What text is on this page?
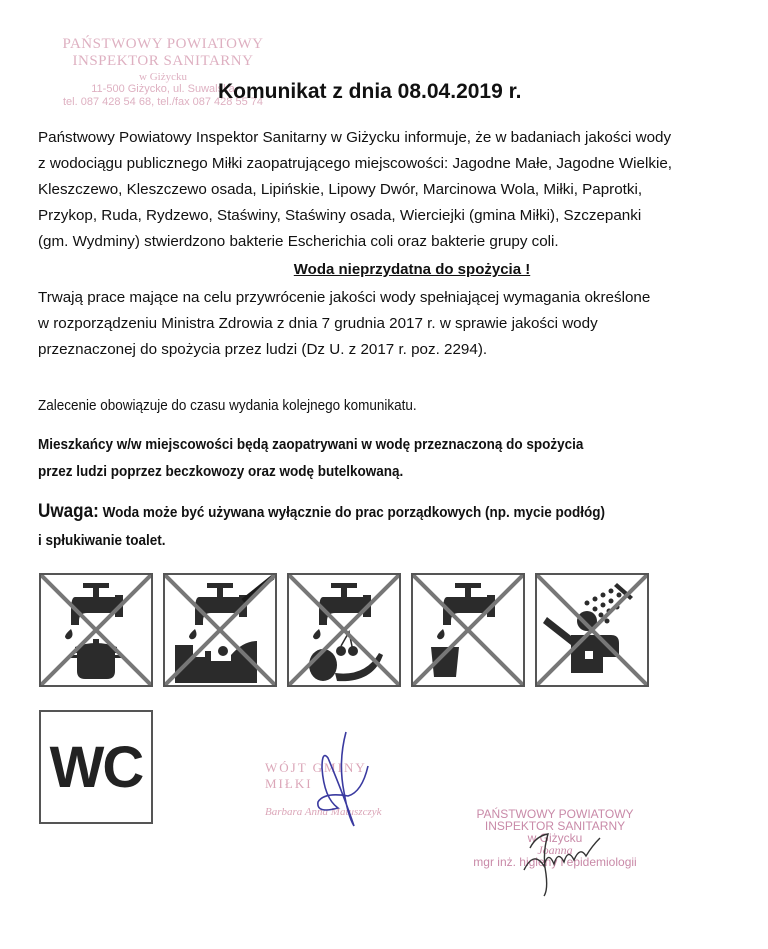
PAŃSTWOWY POWIATOWY
INSPEKTOR SANITARNY
w Giżycku
11-500 Giżycko, ul. Suwalska
tel. 087 428 54 68, tel./fax 087 428 55 74
Komunikat z dnia 08.04.2019 r.
Państwowy Powiatowy Inspektor Sanitarny w Giżycku informuje, że w badaniach jakości wody
z wodociągu publicznego Miłki zaopatrującego miejscowości: Jagodne Małe, Jagodne Wielkie,
Kleszczewo, Kleszczewo osada, Lipińskie, Lipowy Dwór, Marcinowa Wola, Miłki, Paprotki,
Przykop, Ruda, Rydzewo, Staświny, Staświny osada, Wierciejki (gmina Miłki), Szczepanki
(gm. Wydminy) stwierdzono bakterie Escherichia coli oraz bakterie grupy coli.
Woda nieprzydatna do spożycia !
Trwają prace mające na celu przywrócenie jakości wody spełniającej wymagania określone
w rozporządzeniu Ministra Zdrowia z dnia 7 grudnia 2017 r. w sprawie jakości wody
przeznaczonej do spożycia przez ludzi (Dz U. z 2017 r. poz. 2294).
Zalecenie obowiązuje do czasu wydania kolejnego komunikatu.
Mieszkańcy w/w miejscowości będą zaopatrywani w wodę przeznaczoną do spożycia
przez ludzi poprzez beczkowozy oraz wodę butelkowaną.
Uwaga: Woda może być używana wyłącznie do prac porządkowych (np. mycie podłóg)
i spłukiwanie toalet.
WC	WÓJT GMINY MIŁKI
Barbara Anna Matuszczyk	PAŃSTWOWY POWIATOWY
INSPEKTOR SANITARNY
w Giżycku
Joanna
mgr inż. higieny i epidemiologii
